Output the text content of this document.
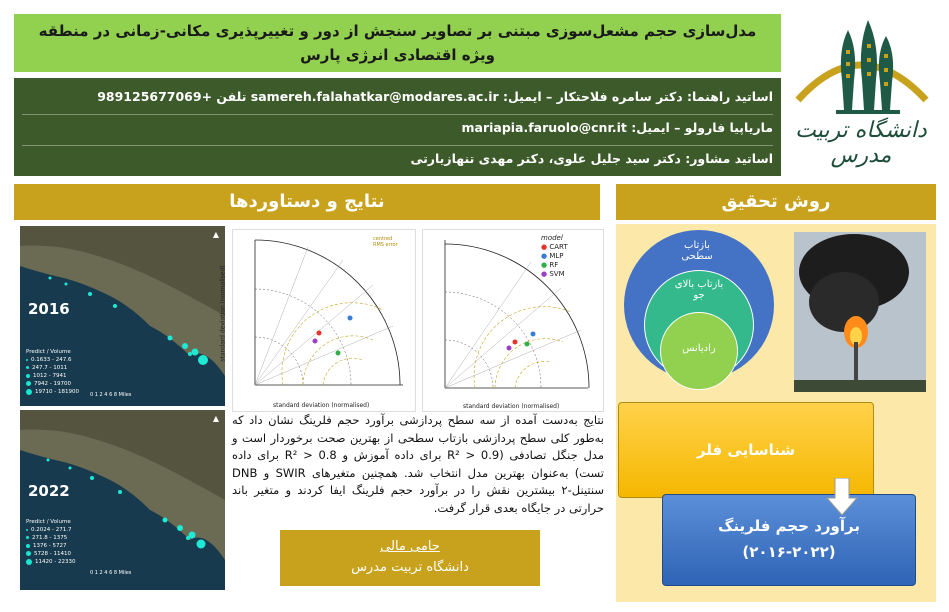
مدل‌سازی حجم مشعل‌سوزی مبتنی بر تصاویر سنجش از دور و تغییرپذیری مکانی-زمانی در منطقه ویژه اقتصادی انرژی پارس
اساتید راهنما: دکتر سامره فلاحتکار – ایمیل: samereh.falahatkar@modares.ac.ir تلفن +989125677069
ماریاپیا فارولو – ایمیل: mariapia.faruolo@cnr.it
اساتید مشاور: دکتر سید جلیل علوی، دکتر مهدی تنهازیارتی
دانشگاه تربیت مدرس
نتایج و دستاوردها	روش تحقیق
▲
2016
Predict / Volume
0.1633 - 247.6
247.7 - 1011
1012 - 7941
7942 - 19700
19710 - 181900 0 1 2 4 6 8 Miles
▲
2022
Predict / Volume
0.2024 - 271.7
271.8 - 1375
1376 - 5727
5728 - 11410
11420 - 22330
0 1 2 4 6 8 Miles
centred
RMS error
standard deviation (normalised)
standard deviation (normalised)
model
● CART
● MLP
● RF
● SVM
standard deviation (normalised)
نتایج به‌دست آمده از سه سطح پردازشی برآورد حجم فلرینگ نشان داد که به‌طور کلی سطح پردازشی بازتاب سطحی از بهترین صحت برخوردار است و مدل جنگل تصادفی (R² > 0.9 برای داده آموزش و R² > 0.8 برای داده تست) به‌عنوان بهترین مدل انتخاب شد. همچنین متغیرهای SWIR و DNB سنتینل-۲ بیشترین نقش را در برآورد حجم فلرینگ ایفا کردند و متغیر باند حرارتی در جایگاه بعدی قرار گرفت.
حامی مالی
دانشگاه تربیت مدرس
بازتاب سطحی
بازتاب بالای جو
رادیانس
شناسایی فلر
برآورد حجم فلرینگ
(۲۰۱۶-۲۰۲۲)
